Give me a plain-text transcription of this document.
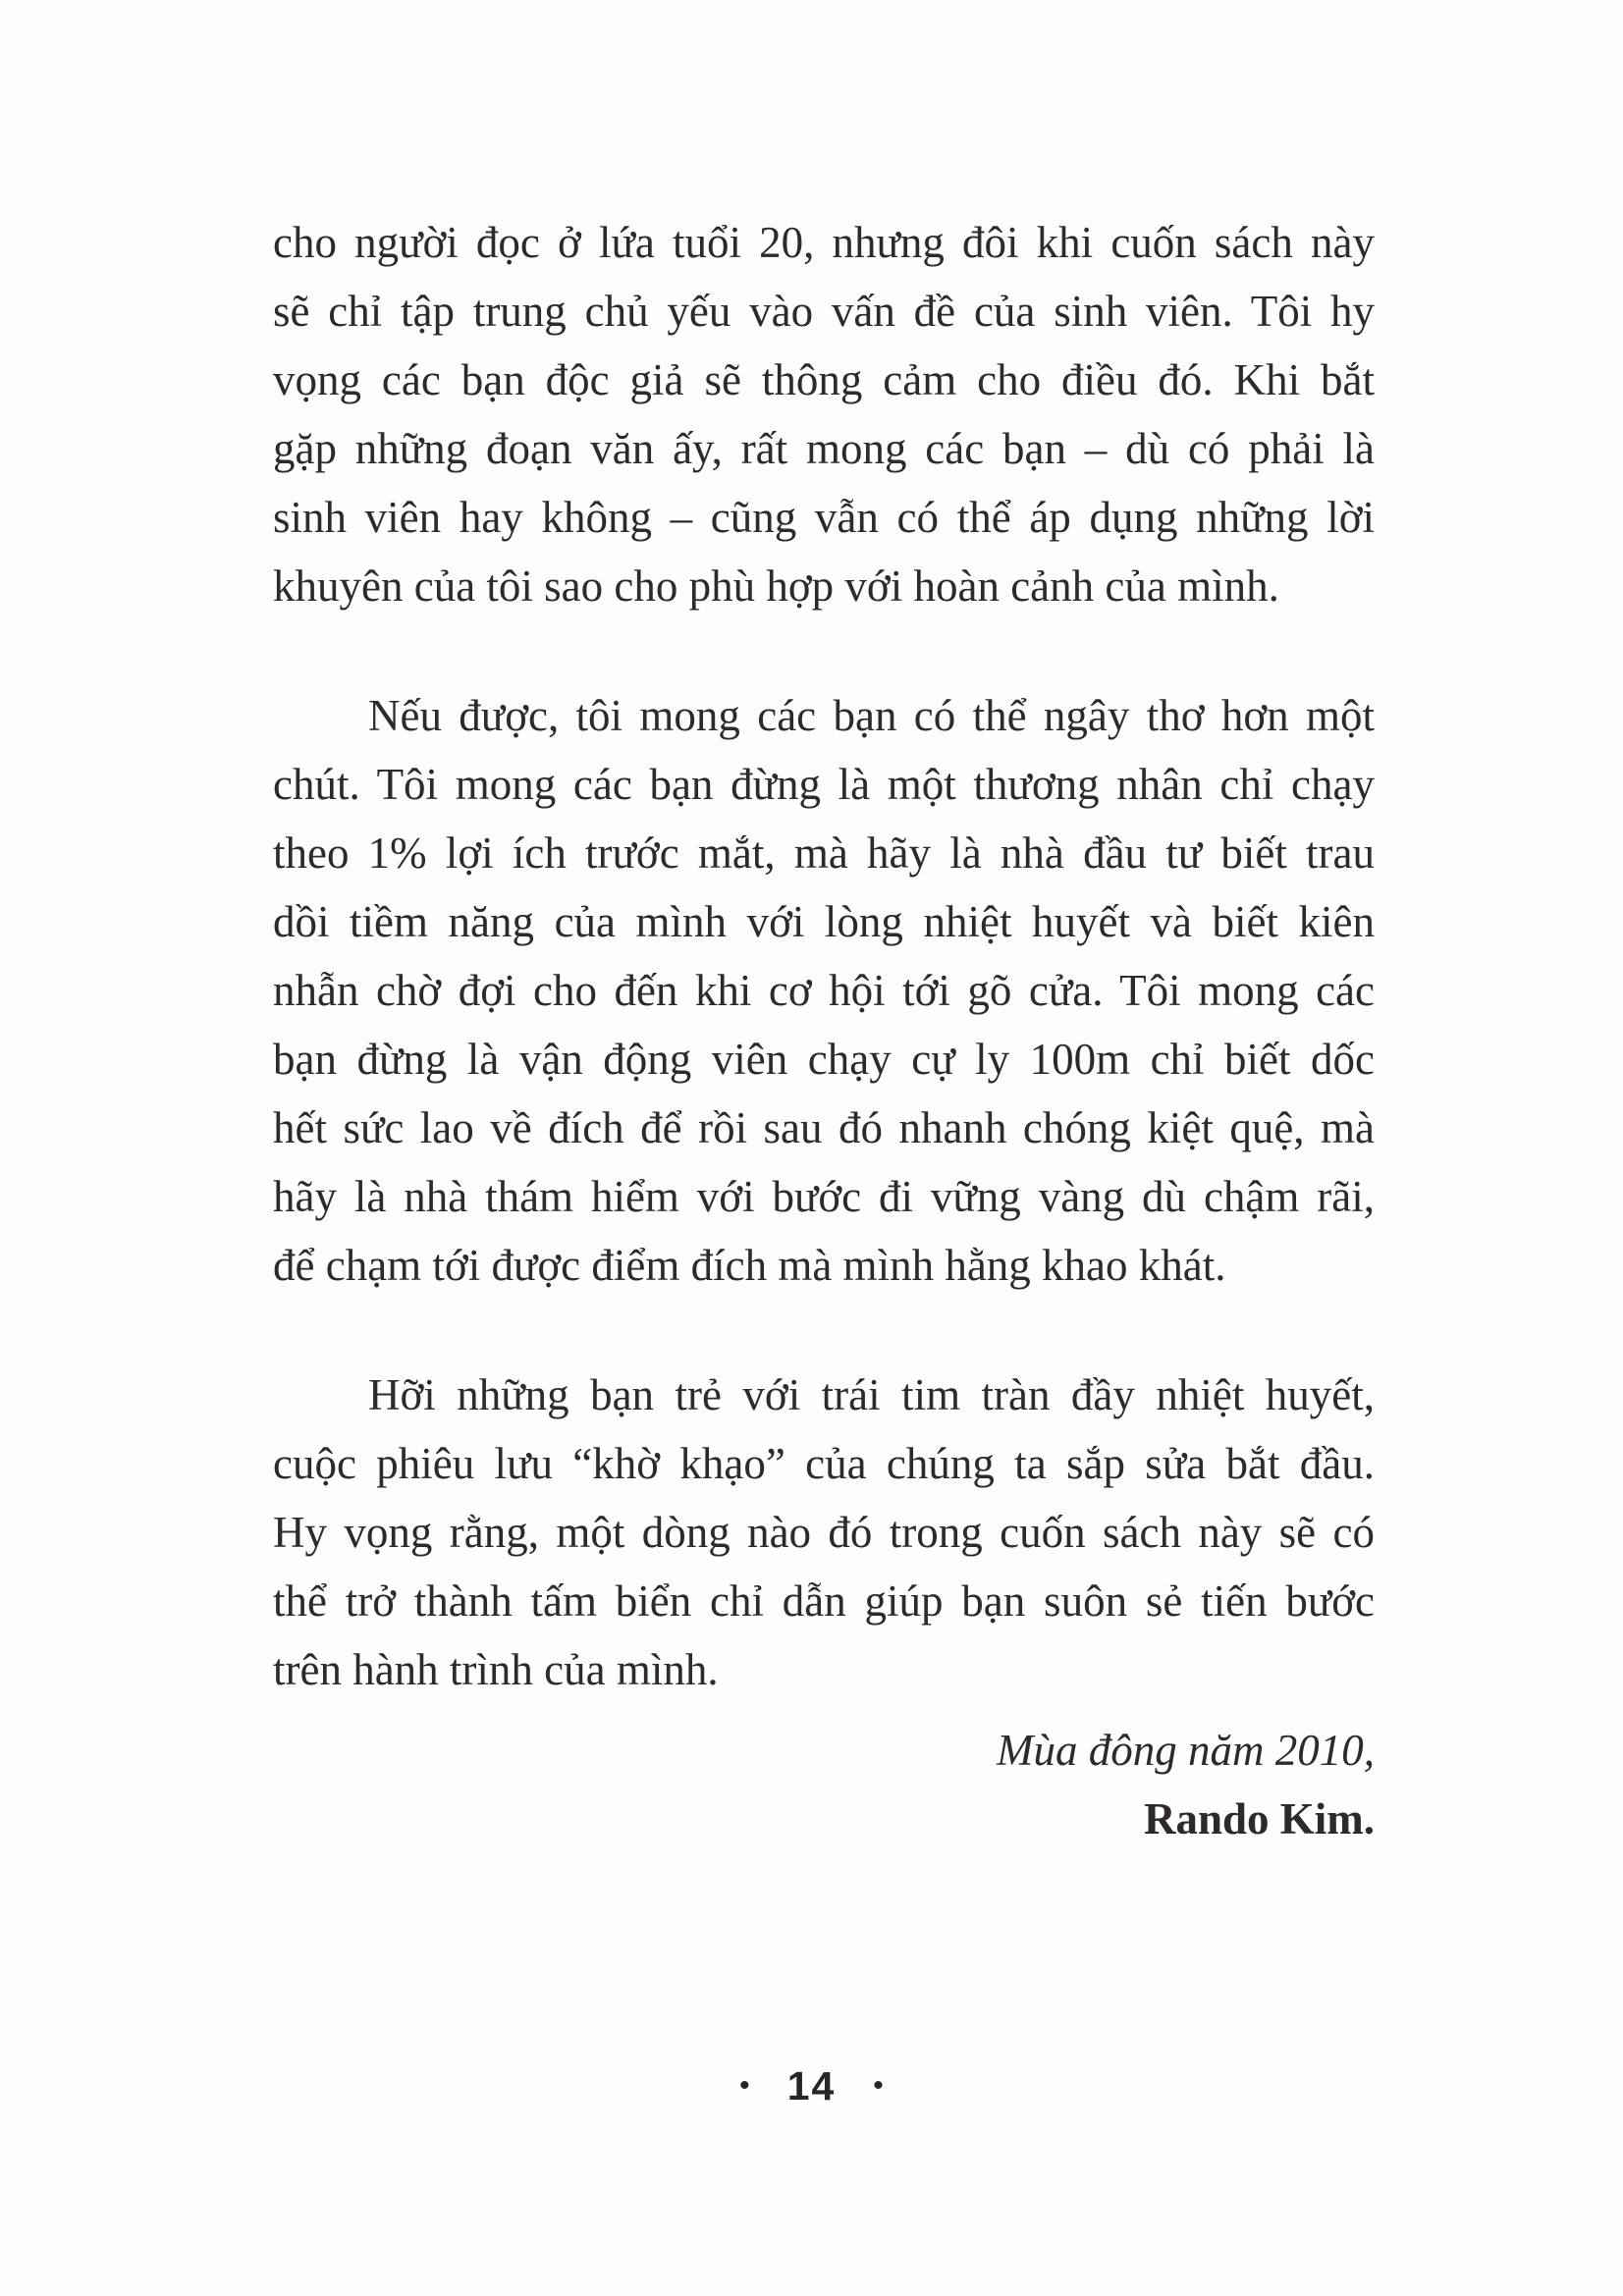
cho người đọc ở lứa tuổi 20, nhưng đôi khi cuốn sách này
sẽ chỉ tập trung chủ yếu vào vấn đề của sinh viên. Tôi hy
vọng các bạn độc giả sẽ thông cảm cho điều đó. Khi bắt
gặp những đoạn văn ấy, rất mong các bạn – dù có phải là
sinh viên hay không – cũng vẫn có thể áp dụng những lời
khuyên của tôi sao cho phù hợp với hoàn cảnh của mình.
Nếu được, tôi mong các bạn có thể ngây thơ hơn một
chút. Tôi mong các bạn đừng là một thương nhân chỉ chạy
theo 1% lợi ích trước mắt, mà hãy là nhà đầu tư biết trau
dồi tiềm năng của mình với lòng nhiệt huyết và biết kiên
nhẫn chờ đợi cho đến khi cơ hội tới gõ cửa. Tôi mong các
bạn đừng là vận động viên chạy cự ly 100m chỉ biết dốc
hết sức lao về đích để rồi sau đó nhanh chóng kiệt quệ, mà
hãy là nhà thám hiểm với bước đi vững vàng dù chậm rãi,
để chạm tới được điểm đích mà mình hằng khao khát.
Hỡi những bạn trẻ với trái tim tràn đầy nhiệt huyết,
cuộc phiêu lưu “khờ khạo” của chúng ta sắp sửa bắt đầu.
Hy vọng rằng, một dòng nào đó trong cuốn sách này sẽ có
thể trở thành tấm biển chỉ dẫn giúp bạn suôn sẻ tiến bước
trên hành trình của mình.
Mùa đông năm 2010,
Rando Kim.
• 14 •
